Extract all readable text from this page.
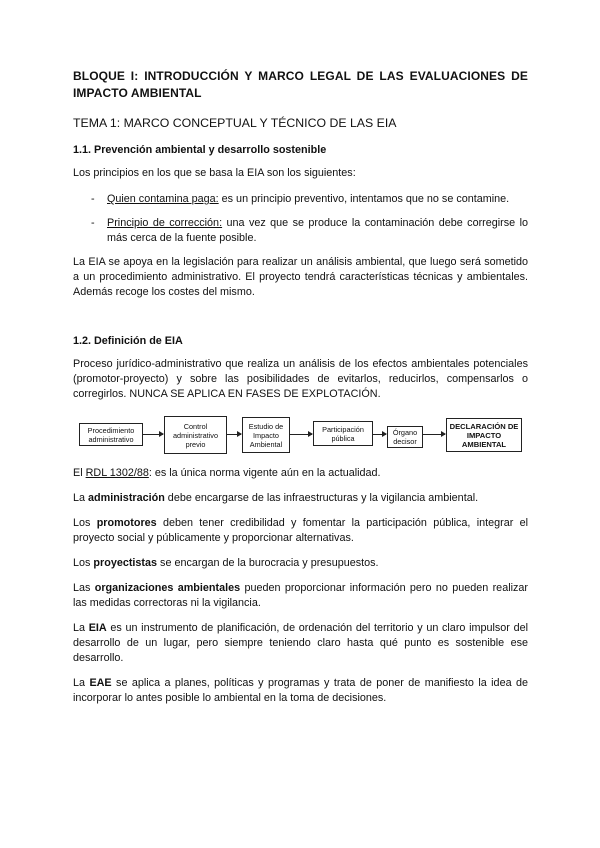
BLOQUE I: INTRODUCCIÓN Y MARCO LEGAL DE LAS EVALUACIONES DE IMPACTO AMBIENTAL

TEMA 1: MARCO CONCEPTUAL Y TÉCNICO DE LAS EIA

1.1. Prevención ambiental y desarrollo sostenible

Los principios en los que se basa la EIA son los siguientes:

- Quien contamina paga: es un principio preventivo, intentamos que no se contamine.
- Principio de corrección: una vez que se produce la contaminación debe corregirse lo más cerca de la fuente posible.

La EIA se apoya en la legislación para realizar un análisis ambiental, que luego será sometido a un procedimiento administrativo. El proyecto tendrá características técnicas y ambientales. Además recoge los costes del mismo.

1.2. Definición de EIA

Proceso jurídico-administrativo que realiza un análisis de los efectos ambientales potenciales (promotor-proyecto) y sobre las posibilidades de evitarlos, reducirlos, compensarlos o corregirlos. NUNCA SE APLICA EN FASES DE EXPLOTACIÓN.

Procedimiento administrativo
Control administrativo previo
Estudio de Impacto Ambiental
Participación pública
Órgano decisor
DECLARACIÓN DE IMPACTO AMBIENTAL

El RDL 1302/88: es la única norma vigente aún en la actualidad.

La administración debe encargarse de las infraestructuras y la vigilancia ambiental.

Los promotores deben tener credibilidad y fomentar la participación pública, integrar el proyecto social y públicamente y proporcionar alternativas.

Los proyectistas se encargan de la burocracia y presupuestos.

Las organizaciones ambientales pueden proporcionar información pero no pueden realizar las medidas correctoras ni la vigilancia.

La EIA es un instrumento de planificación, de ordenación del territorio y un claro impulsor del desarrollo de un lugar, pero siempre teniendo claro hasta qué punto es sostenible ese desarrollo.

La EAE se aplica a planes, políticas y programas y trata de poner de manifiesto la idea de incorporar lo antes posible lo ambiental en la toma de decisiones.
